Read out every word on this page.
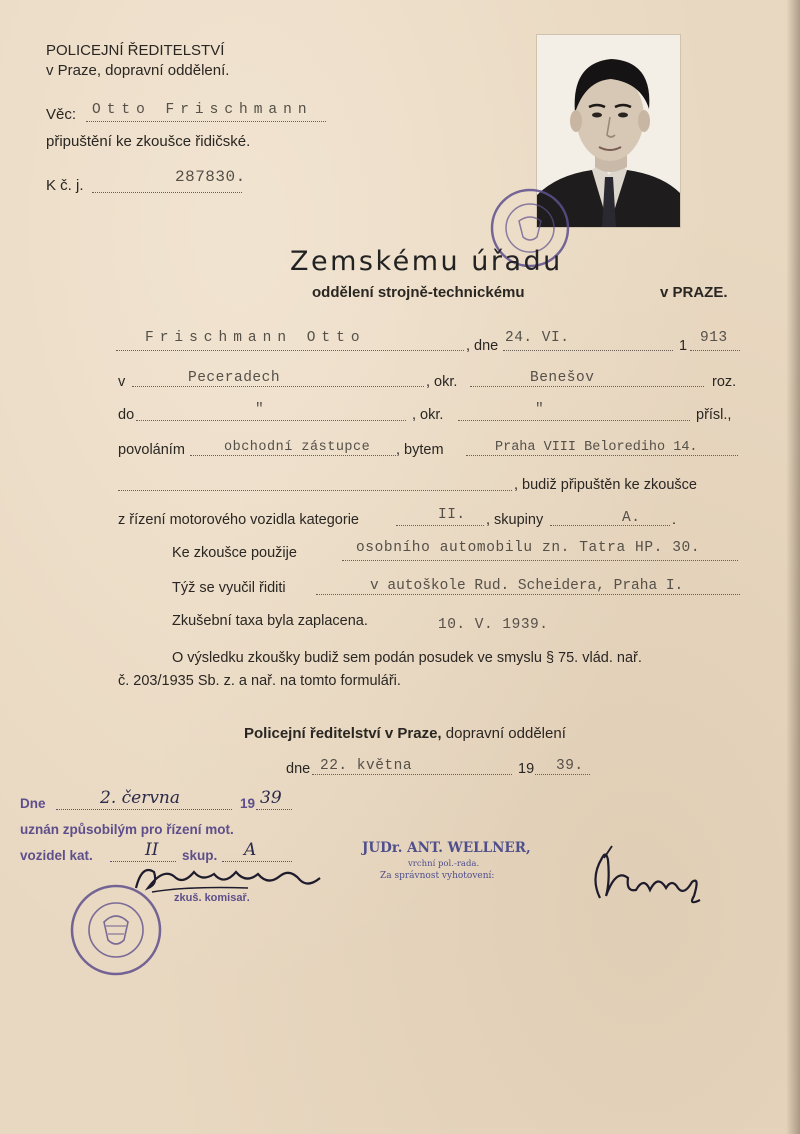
POLICEJNÍ ŘEDITELSTVÍ
v Praze, dopravní oddělení.
Věc: Otto Frischmann
připuštění ke zkoušce řidičské.
K č. j.	287830.
Zemskému úřadu
oddělení strojně-technickému	v PRAZE.
Frischmann Otto	, dne 24. VI.	1 913
v	Peceradech	, okr.	Benešov	roz.
do	"	, okr.	"	přísl.,
povoláním	obchodní zástupce , bytem	Praha VIII Belorediho 14.
, budiž připuštěn ke zkoušce
z řízení motorového vozidla kategorie	II. , skupiny	A. .
Ke zkoušce použije	osobního automobilu zn. Tatra HP. 30.
Týž se vyučil řiditi	v autoškole Rud. Scheidera, Praha I.
Zkušební taxa byla zaplacena.	10. V. 1939.
O výsledku zkoušky budiž sem podán posudek ve smyslu § 75. vlád. nař.
č. 203/1935 Sb. z. a nař. na tomto formuláři.
Policejní ředitelství v Praze, dopravní oddělení
dne 22. května	19 39.
Dne	2. června	19 39
uznán způsobilým pro řízení mot.
vozidel kat.	II skup. A
zkuš. komisař.
JUDr. ANT. WELLNER,
vrchní pol.-rada.
Za správnost vyhotovení:
